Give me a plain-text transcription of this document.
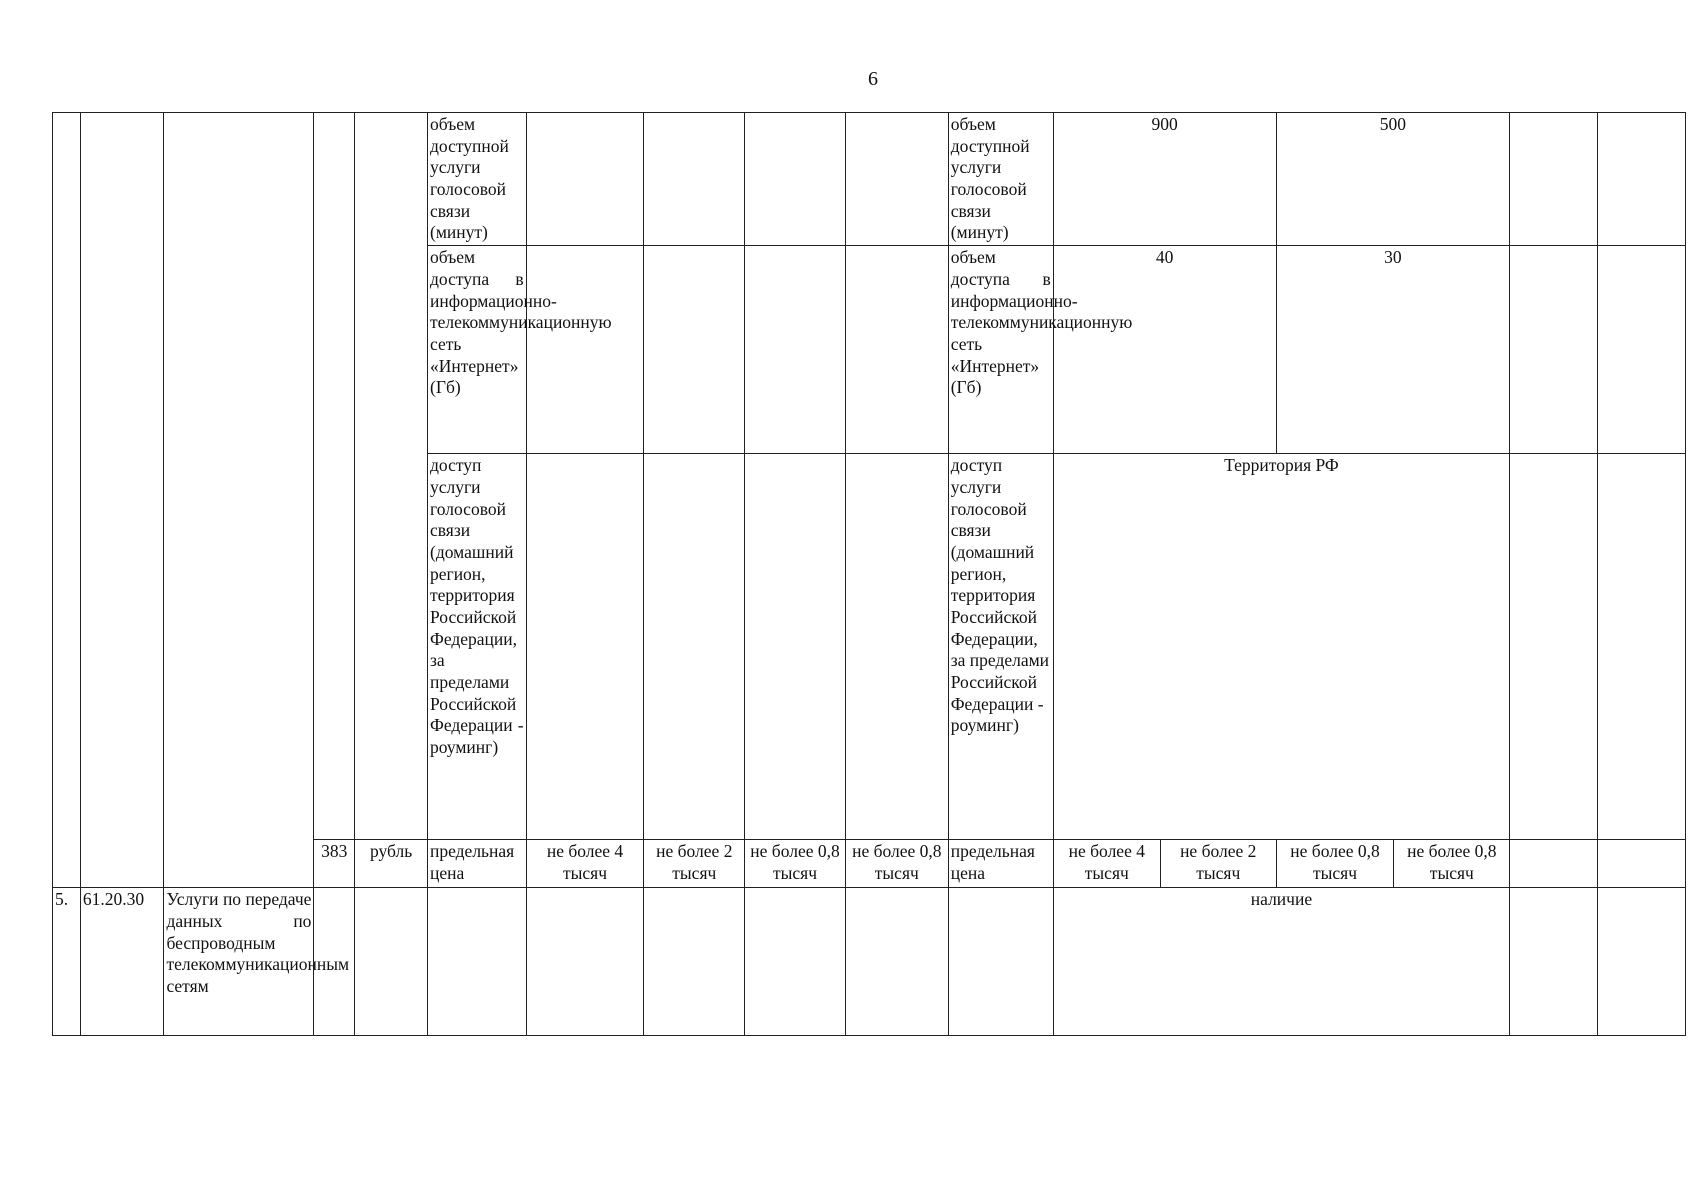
6
					объем доступной услуги голосовой связи (минут)					объем доступной услуги голосовой связи (минут)	900		500			
					объем доступа в информационно-телекоммуникационную сеть «Интернет» (Гб)					объем доступа в информационно-телекоммуникационную сеть «Интернет» (Гб)	40		30			
					доступ услуги голосовой связи (домашний регион, территория Российской Федерации, за пределами Российской Федерации - роуминг)					доступ услуги голосовой связи (домашний регион, территория Российской Федерации, за пределами Российской Федерации - роуминг)	Территория РФ					
			383	рубль	предельная цена	не более 4 тысяч	не более 2 тысяч	не более 0,8 тысяч	не более 0,8 тысяч	предельная цена	не более 4 тысяч	не более 2 тысяч	не более 0,8 тысяч	не более 0,8 тысяч		
5.	61.20.30	Услуги по передаче данных по беспроводным телекоммуникационным сетям									наличие					
